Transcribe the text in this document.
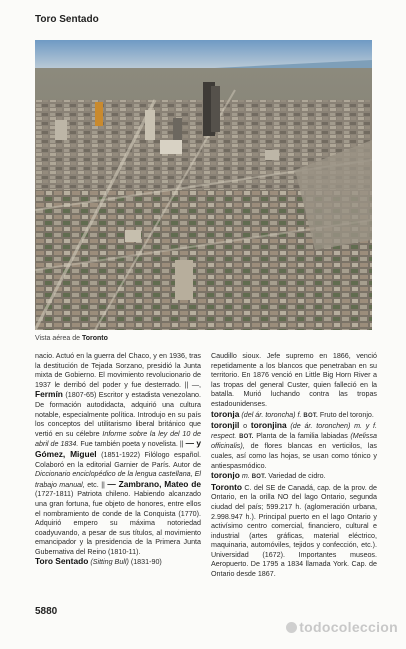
Toro Sentado
Vista aérea de Toronto

nacio. Actuó en la guerra del Chaco, y en 1936, tras la destitución de Tejada Sorzano, presidió la Junta mixta de Gobierno. El movimiento revolucionario de 1937 le derribó del poder y fue desterrado. || —, Fermín (1807-65) Escritor y estadista venezolano. De formación autodidacta, adquirió una cultura notable, especialmente política. Introdujo en su país los conceptos del utilitarismo liberal británico que vertió en su célebre Informe sobre la ley del 10 de abril de 1834. Fue también poeta y novelista. || — y Gómez, Miguel (1851-1922) Filólogo español. Colaboró en la editorial Garnier de París. Autor de Diccionario enciclopédico de la lengua castellana, El trabajo manual, etc. || — Zambrano, Mateo de (1727-1811) Patriota chileno. Habiendo alcanzado una gran fortuna, fue objeto de honores, entre ellos el nombramiento de conde de la Conquista (1770). Adquirió empero su máxima notoriedad coadyuvando, a pesar de sus títulos, al movimiento emancipador y la presidencia de la Primera Junta Gubernativa del Reino (1810-11).

Toro Sentado (Sitting Bull) (1831-90)

Caudillo sioux. Jefe supremo en 1866, venció repetidamente a los blancos que penetraban en su territorio. En 1876 venció en Little Big Horn River a las tropas del general Custer, quien falleció en la batalla. Murió luchando contra las tropas estadounidenses.

toronja (del ár. toroncha) f. BOT. Fruto del toronjo.

toronjil o toronjina (de ár. toronchen) m. y f. respect. BOT. Planta de la familia labiadas (Melissa officinalis), de flores blancas en verticilos, las cuales, así como las hojas, se usan como tónico y antiespasmódico.

toronjo m. BOT. Variedad de cidro.

Toronto C. del SE de Canadá, cap. de la prov. de Ontario, en la orilla NO del lago Ontario, segunda ciudad del país; 599.217 h. (aglomeración urbana, 2.998.947 h.). Principal puerto en el lago Ontario y activísimo centro comercial, financiero, cultural e industrial (artes gráficas, material eléctrico, maquinaria, automóviles, tejidos y confección, etc.). Universidad (1672). Importantes museos. Aeropuerto. De 1795 a 1834 llamada York. Cap. de Ontario desde 1867.

5880
todocoleccion
